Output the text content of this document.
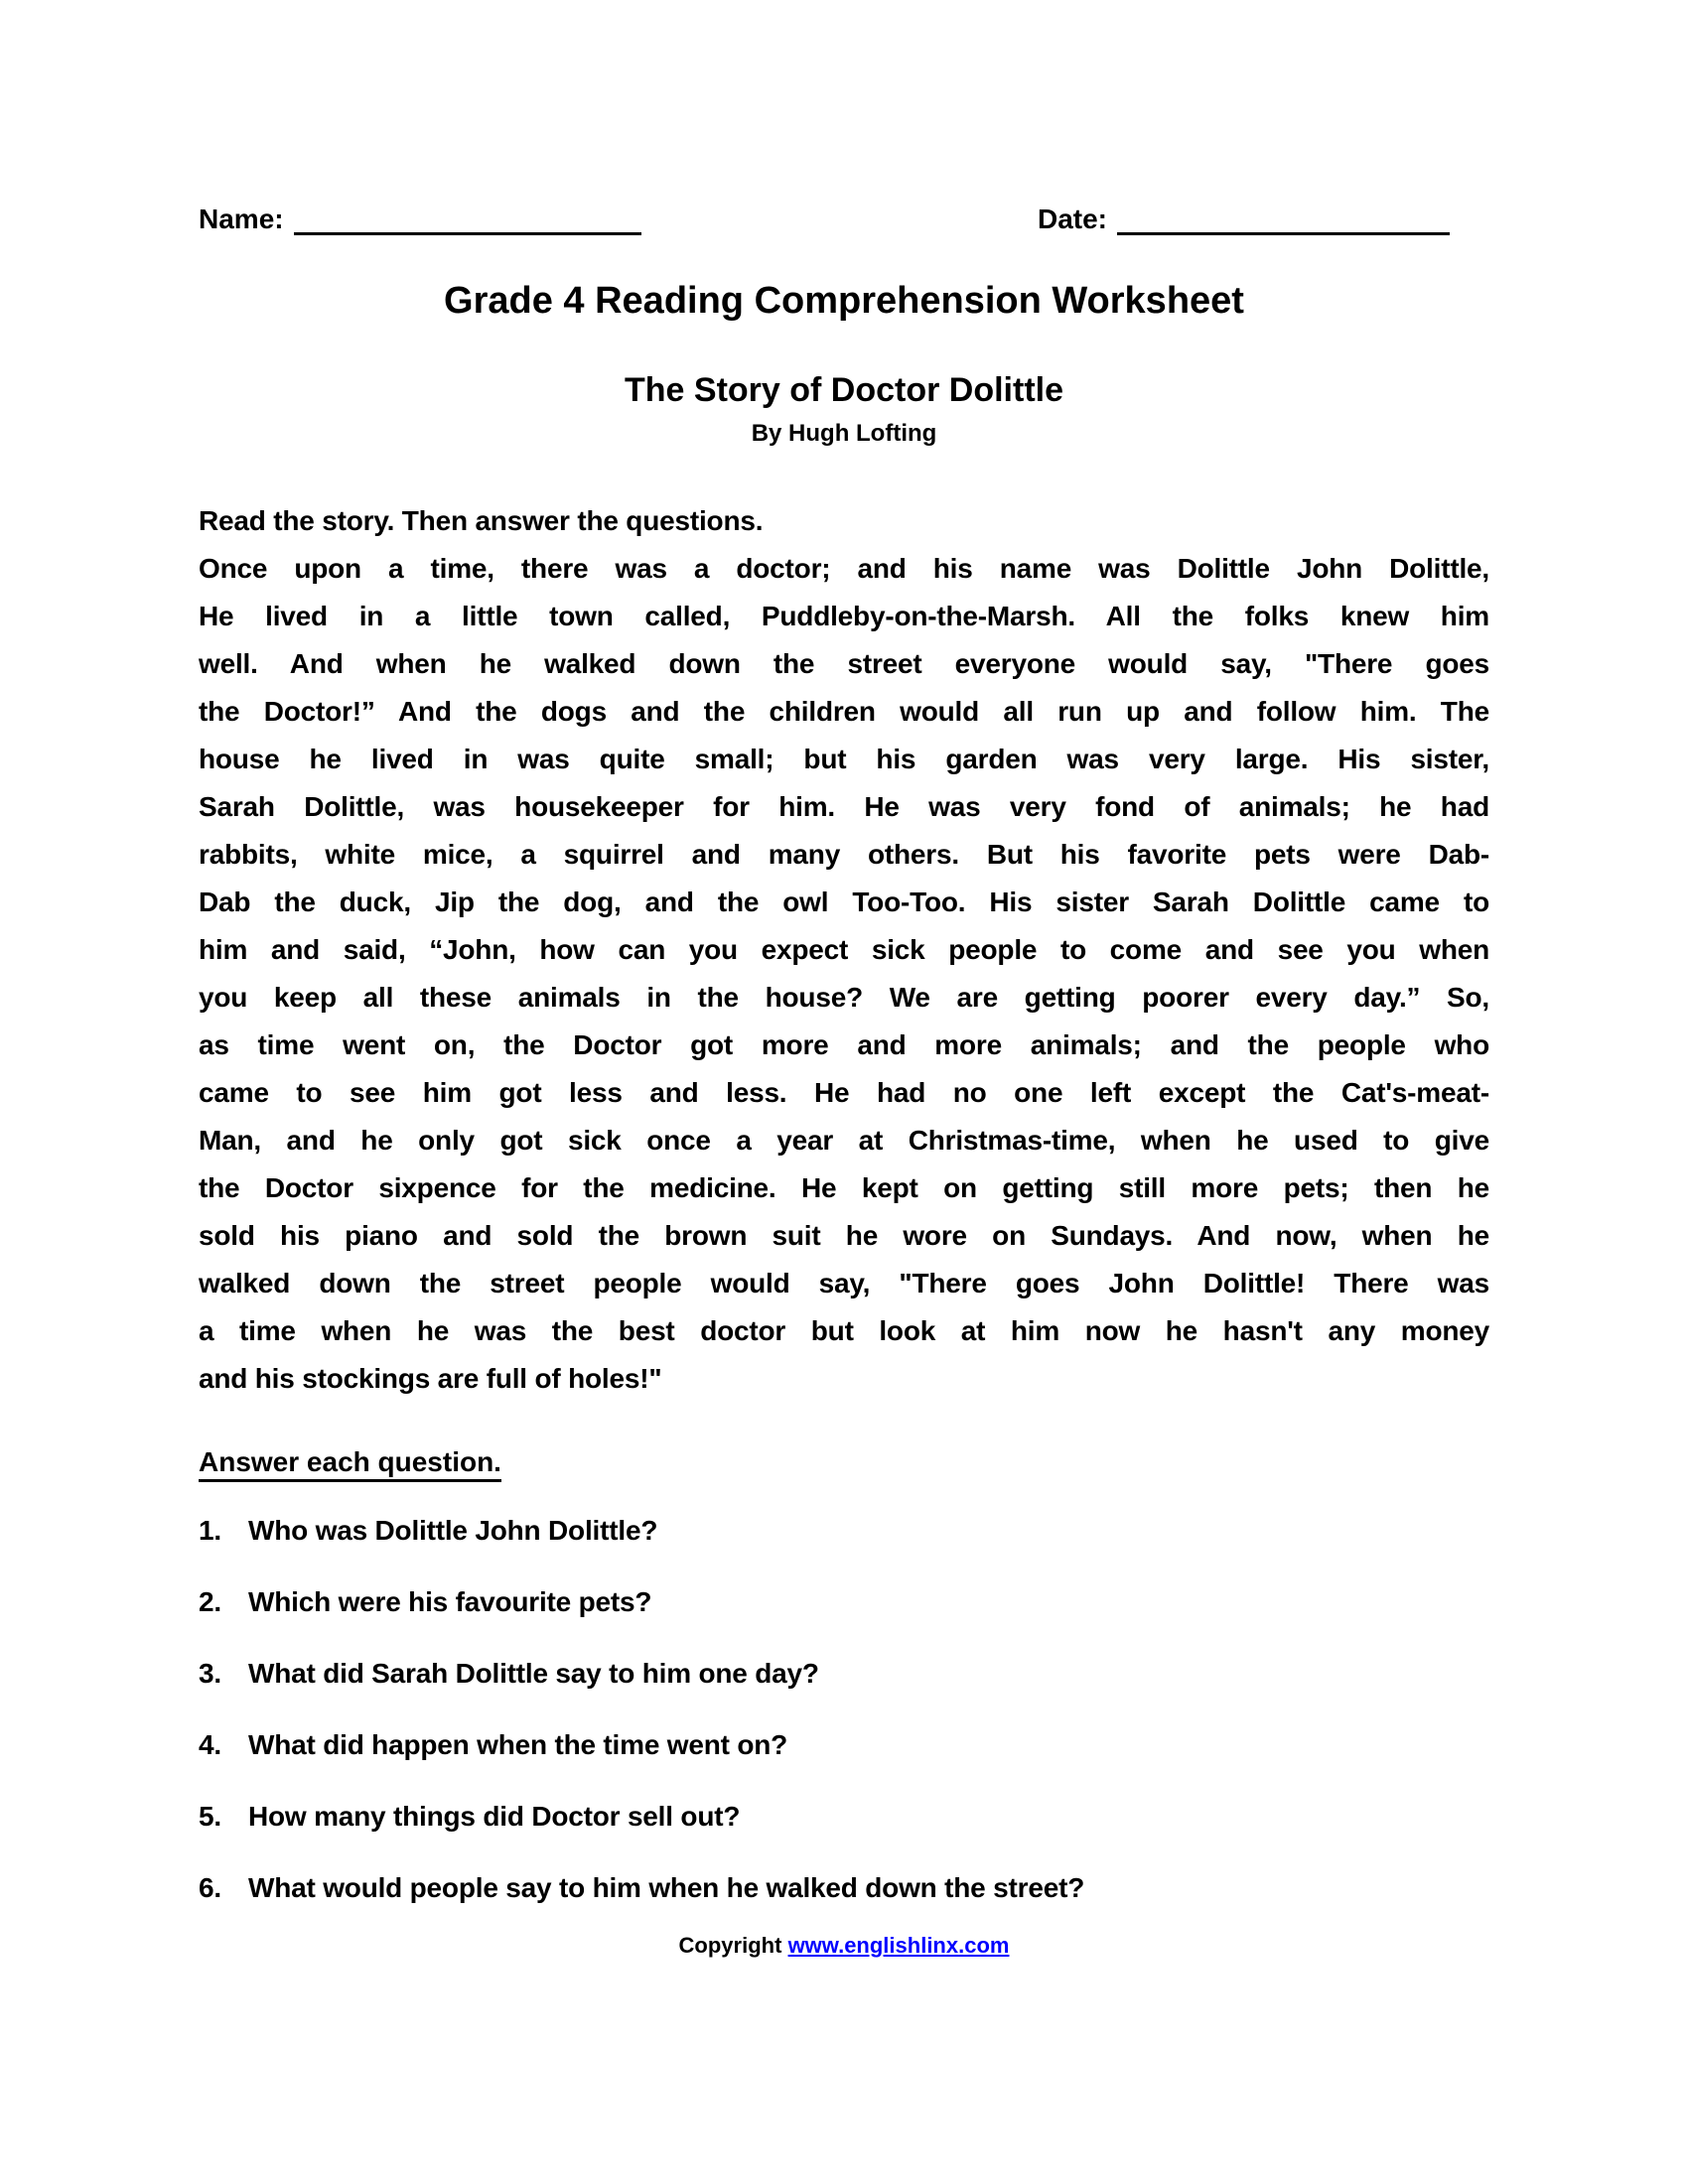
Name:	Date:
Grade 4 Reading Comprehension Worksheet
The Story of Doctor Dolittle
By Hugh Lofting
Read the story. Then answer the questions.
Once upon a time, there was a doctor; and his name was Dolittle John Dolittle,
He lived in a little town called, Puddleby-on-the-Marsh. All the folks knew him
well. And when he walked down the street everyone would say, "There goes
the Doctor!” And the dogs and the children would all run up and follow him. The
house he lived in was quite small; but his garden was very large. His sister,
Sarah Dolittle, was housekeeper for him. He was very fond of animals; he had
rabbits, white mice, a squirrel and many others. But his favorite pets were Dab-
Dab the duck, Jip the dog, and the owl Too-Too. His sister Sarah Dolittle came to
him and said, “John, how can you expect sick people to come and see you when
you keep all these animals in the house? We are getting poorer every day.” So,
as time went on, the Doctor got more and more animals; and the people who
came to see him got less and less. He had no one left except the Cat's-meat-
Man, and he only got sick once a year at Christmas-time, when he used to give
the Doctor sixpence for the medicine. He kept on getting still more pets; then he
sold his piano and sold the brown suit he wore on Sundays. And now, when he
walked down the street people would say, "There goes John Dolittle! There was
a time when he was the best doctor but look at him now he hasn't any money
and his stockings are full of holes!"
Answer each question.
1. Who was Dolittle John Dolittle?
2. Which were his favourite pets?
3. What did Sarah Dolittle say to him one day?
4. What did happen when the time went on?
5. How many things did Doctor sell out?
6. What would people say to him when he walked down the street?
Copyright www.englishlinx.com
